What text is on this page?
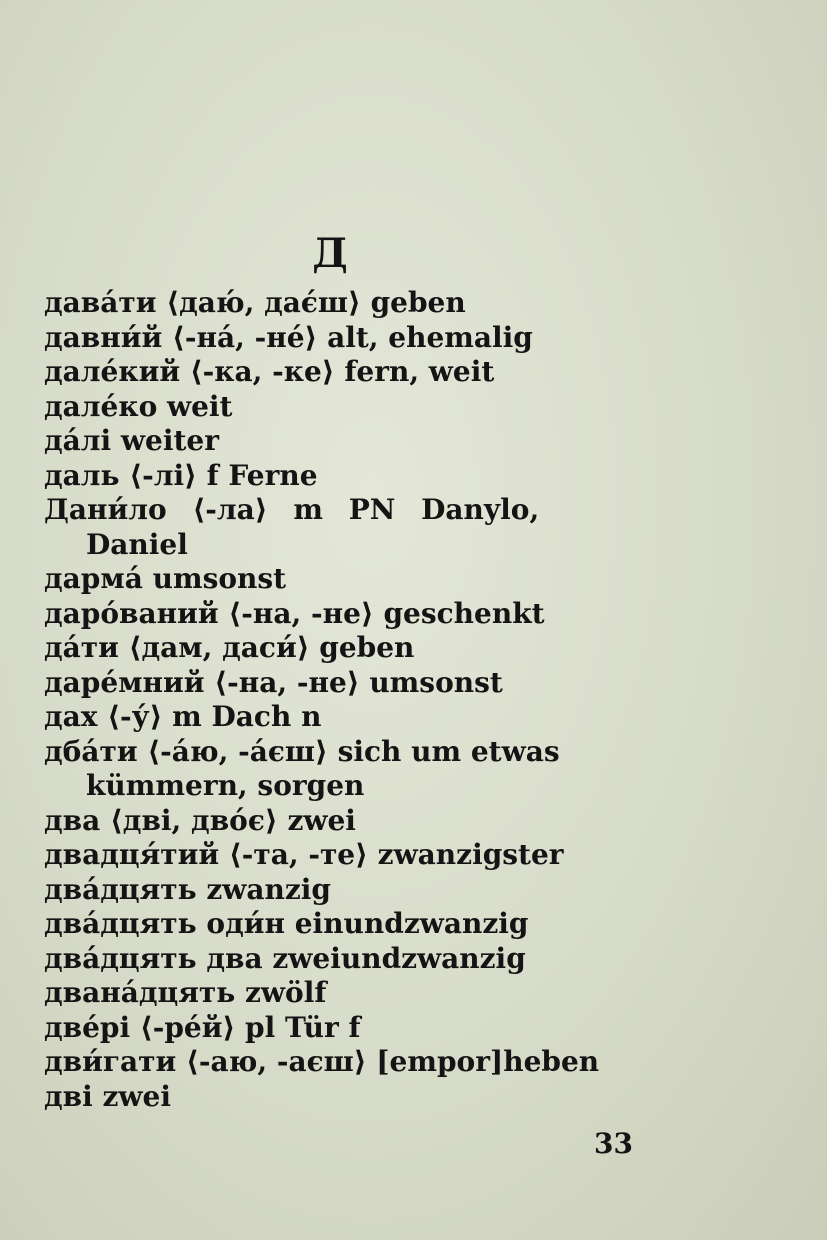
Д
дава́ти ⟨даю́, дає́ш⟩ geben
давни́й ⟨-на́, -не́⟩ alt, ehemalig
дале́кий ⟨-ка, -ке⟩ fern, weit
дале́ко weit
да́лі weiter
даль ⟨-лі⟩ f Ferne
Дани́ло ⟨-ла⟩ m PN Danylo,
Daniel
дарма́ umsonst
даро́ваний ⟨-на, -не⟩ geschenkt
да́ти ⟨дам, даси́⟩ geben
даре́мний ⟨-на, -не⟩ umsonst
дах ⟨-у́⟩ m Dach n
дба́ти ⟨-а́ю, -а́єш⟩ sich um etwas
kümmern, sorgen
два ⟨дві, дво́є⟩ zwei
двадця́тий ⟨-та, -те⟩ zwanzigster
два́дцять zwanzig
два́дцять оди́н einundzwanzig
два́дцять два zweiundzwanzig
двана́дцять zwölf
две́рі ⟨-ре́й⟩ pl Tür f
дви́гати ⟨-аю, -аєш⟩ [empor]heben
дві zwei
33
